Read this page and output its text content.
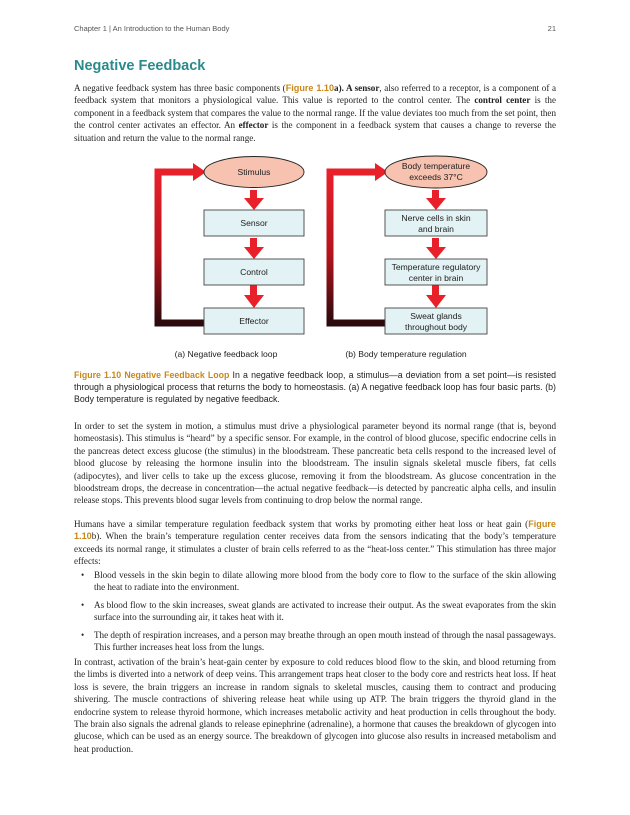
Chapter 1 | An Introduction to the Human Body	21
Negative Feedback

A negative feedback system has three basic components (Figure 1.10a). A sensor, also referred to a receptor, is a component of a feedback system that monitors a physiological value. This value is reported to the control center. The control center is the component in a feedback system that compares the value to the normal range. If the value deviates too much from the set point, then the control center activates an effector. An effector is the component in a feedback system that causes a change to reverse the situation and return the value to the normal range.

Stimulus
Sensor
Control
Effector
Body temperature
exceeds 37°C
Nerve cells in skin
and brain
Temperature regulatory
center in brain
Sweat glands
throughout body
(a) Negative feedback loop	(b) Body temperature regulation

Figure 1.10 Negative Feedback Loop In a negative feedback loop, a stimulus—a deviation from a set point—is resisted through a physiological process that returns the body to homeostasis. (a) A negative feedback loop has four basic parts. (b) Body temperature is regulated by negative feedback.

In order to set the system in motion, a stimulus must drive a physiological parameter beyond its normal range (that is, beyond homeostasis). This stimulus is “heard” by a specific sensor. For example, in the control of blood glucose, specific endocrine cells in the pancreas detect excess glucose (the stimulus) in the bloodstream. These pancreatic beta cells respond to the increased level of blood glucose by releasing the hormone insulin into the bloodstream. The insulin signals skeletal muscle fibers, fat cells (adipocytes), and liver cells to take up the excess glucose, removing it from the bloodstream. As glucose concentration in the bloodstream drops, the decrease in concentration—the actual negative feedback—is detected by pancreatic alpha cells, and insulin release stops. This prevents blood sugar levels from continuing to drop below the normal range.

Humans have a similar temperature regulation feedback system that works by promoting either heat loss or heat gain (Figure 1.10b). When the brain’s temperature regulation center receives data from the sensors indicating that the body’s temperature exceeds its normal range, it stimulates a cluster of brain cells referred to as the “heat-loss center.” This stimulation has three major effects:

• Blood vessels in the skin begin to dilate allowing more blood from the body core to flow to the surface of the skin allowing the heat to radiate into the environment.
• As blood flow to the skin increases, sweat glands are activated to increase their output. As the sweat evaporates from the skin surface into the surrounding air, it takes heat with it.
• The depth of respiration increases, and a person may breathe through an open mouth instead of through the nasal passageways. This further increases heat loss from the lungs.

In contrast, activation of the brain’s heat-gain center by exposure to cold reduces blood flow to the skin, and blood returning from the limbs is diverted into a network of deep veins. This arrangement traps heat closer to the body core and restricts heat loss. If heat loss is severe, the brain triggers an increase in random signals to skeletal muscles, causing them to contract and producing shivering. The muscle contractions of shivering release heat while using up ATP. The brain triggers the thyroid gland in the endocrine system to release thyroid hormone, which increases metabolic activity and heat production in cells throughout the body. The brain also signals the adrenal glands to release epinephrine (adrenaline), a hormone that causes the breakdown of glycogen into glucose, which can be used as an energy source. The breakdown of glycogen into glucose also results in increased metabolism and heat production.
